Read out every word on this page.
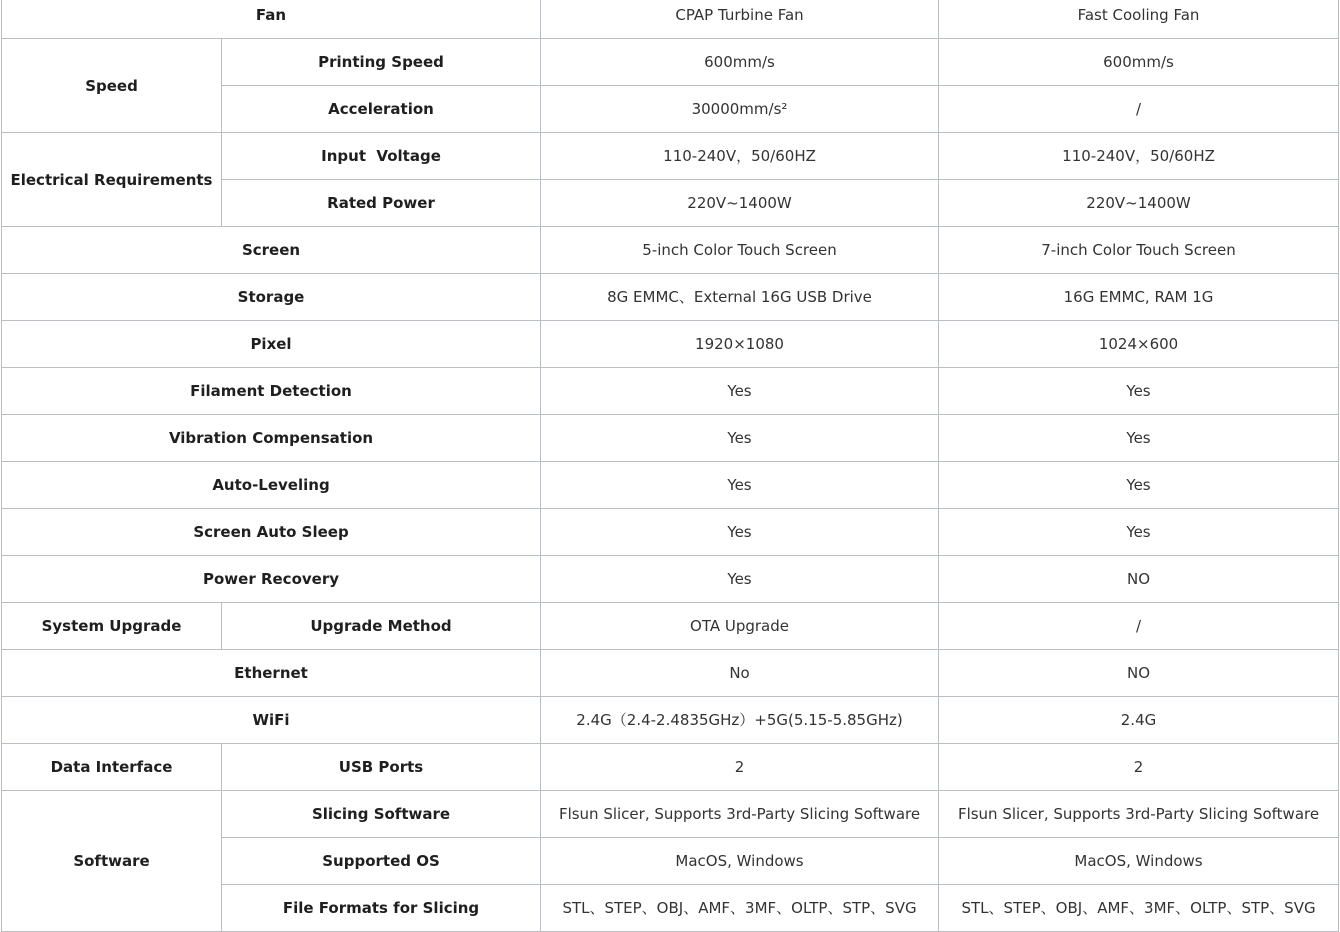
Fan		CPAP Turbine Fan	Fast Cooling Fan
Speed	Printing Speed	600mm/s	600mm/s
	Acceleration	30000mm/s²	/
Electrical Requirements	Input  Voltage	110-240V，50/60HZ	110-240V，50/60HZ
	Rated Power	220V~1400W	220V~1400W
Screen		5-inch Color Touch Screen	7-inch Color Touch Screen
Storage		8G EMMC、External 16G USB Drive	16G EMMC, RAM 1G
Pixel		1920×1080	1024×600
Filament Detection		Yes	Yes
Vibration Compensation		Yes	Yes
Auto-Leveling		Yes	Yes
Screen Auto Sleep		Yes	Yes
Power Recovery		Yes	NO
System Upgrade	Upgrade Method	OTA Upgrade	/
Ethernet		No	NO
WiFi		2.4G（2.4-2.4835GHz）+5G(5.15-5.85GHz)	2.4G
Data Interface	USB Ports	2	2
Software	Slicing Software	Flsun Slicer, Supports 3rd-Party Slicing Software	Flsun Slicer, Supports 3rd-Party Slicing Software
	Supported OS	MacOS, Windows	MacOS, Windows
	File Formats for Slicing	STL、STEP、OBJ、AMF、3MF、OLTP、STP、SVG	STL、STEP、OBJ、AMF、3MF、OLTP、STP、SVG
